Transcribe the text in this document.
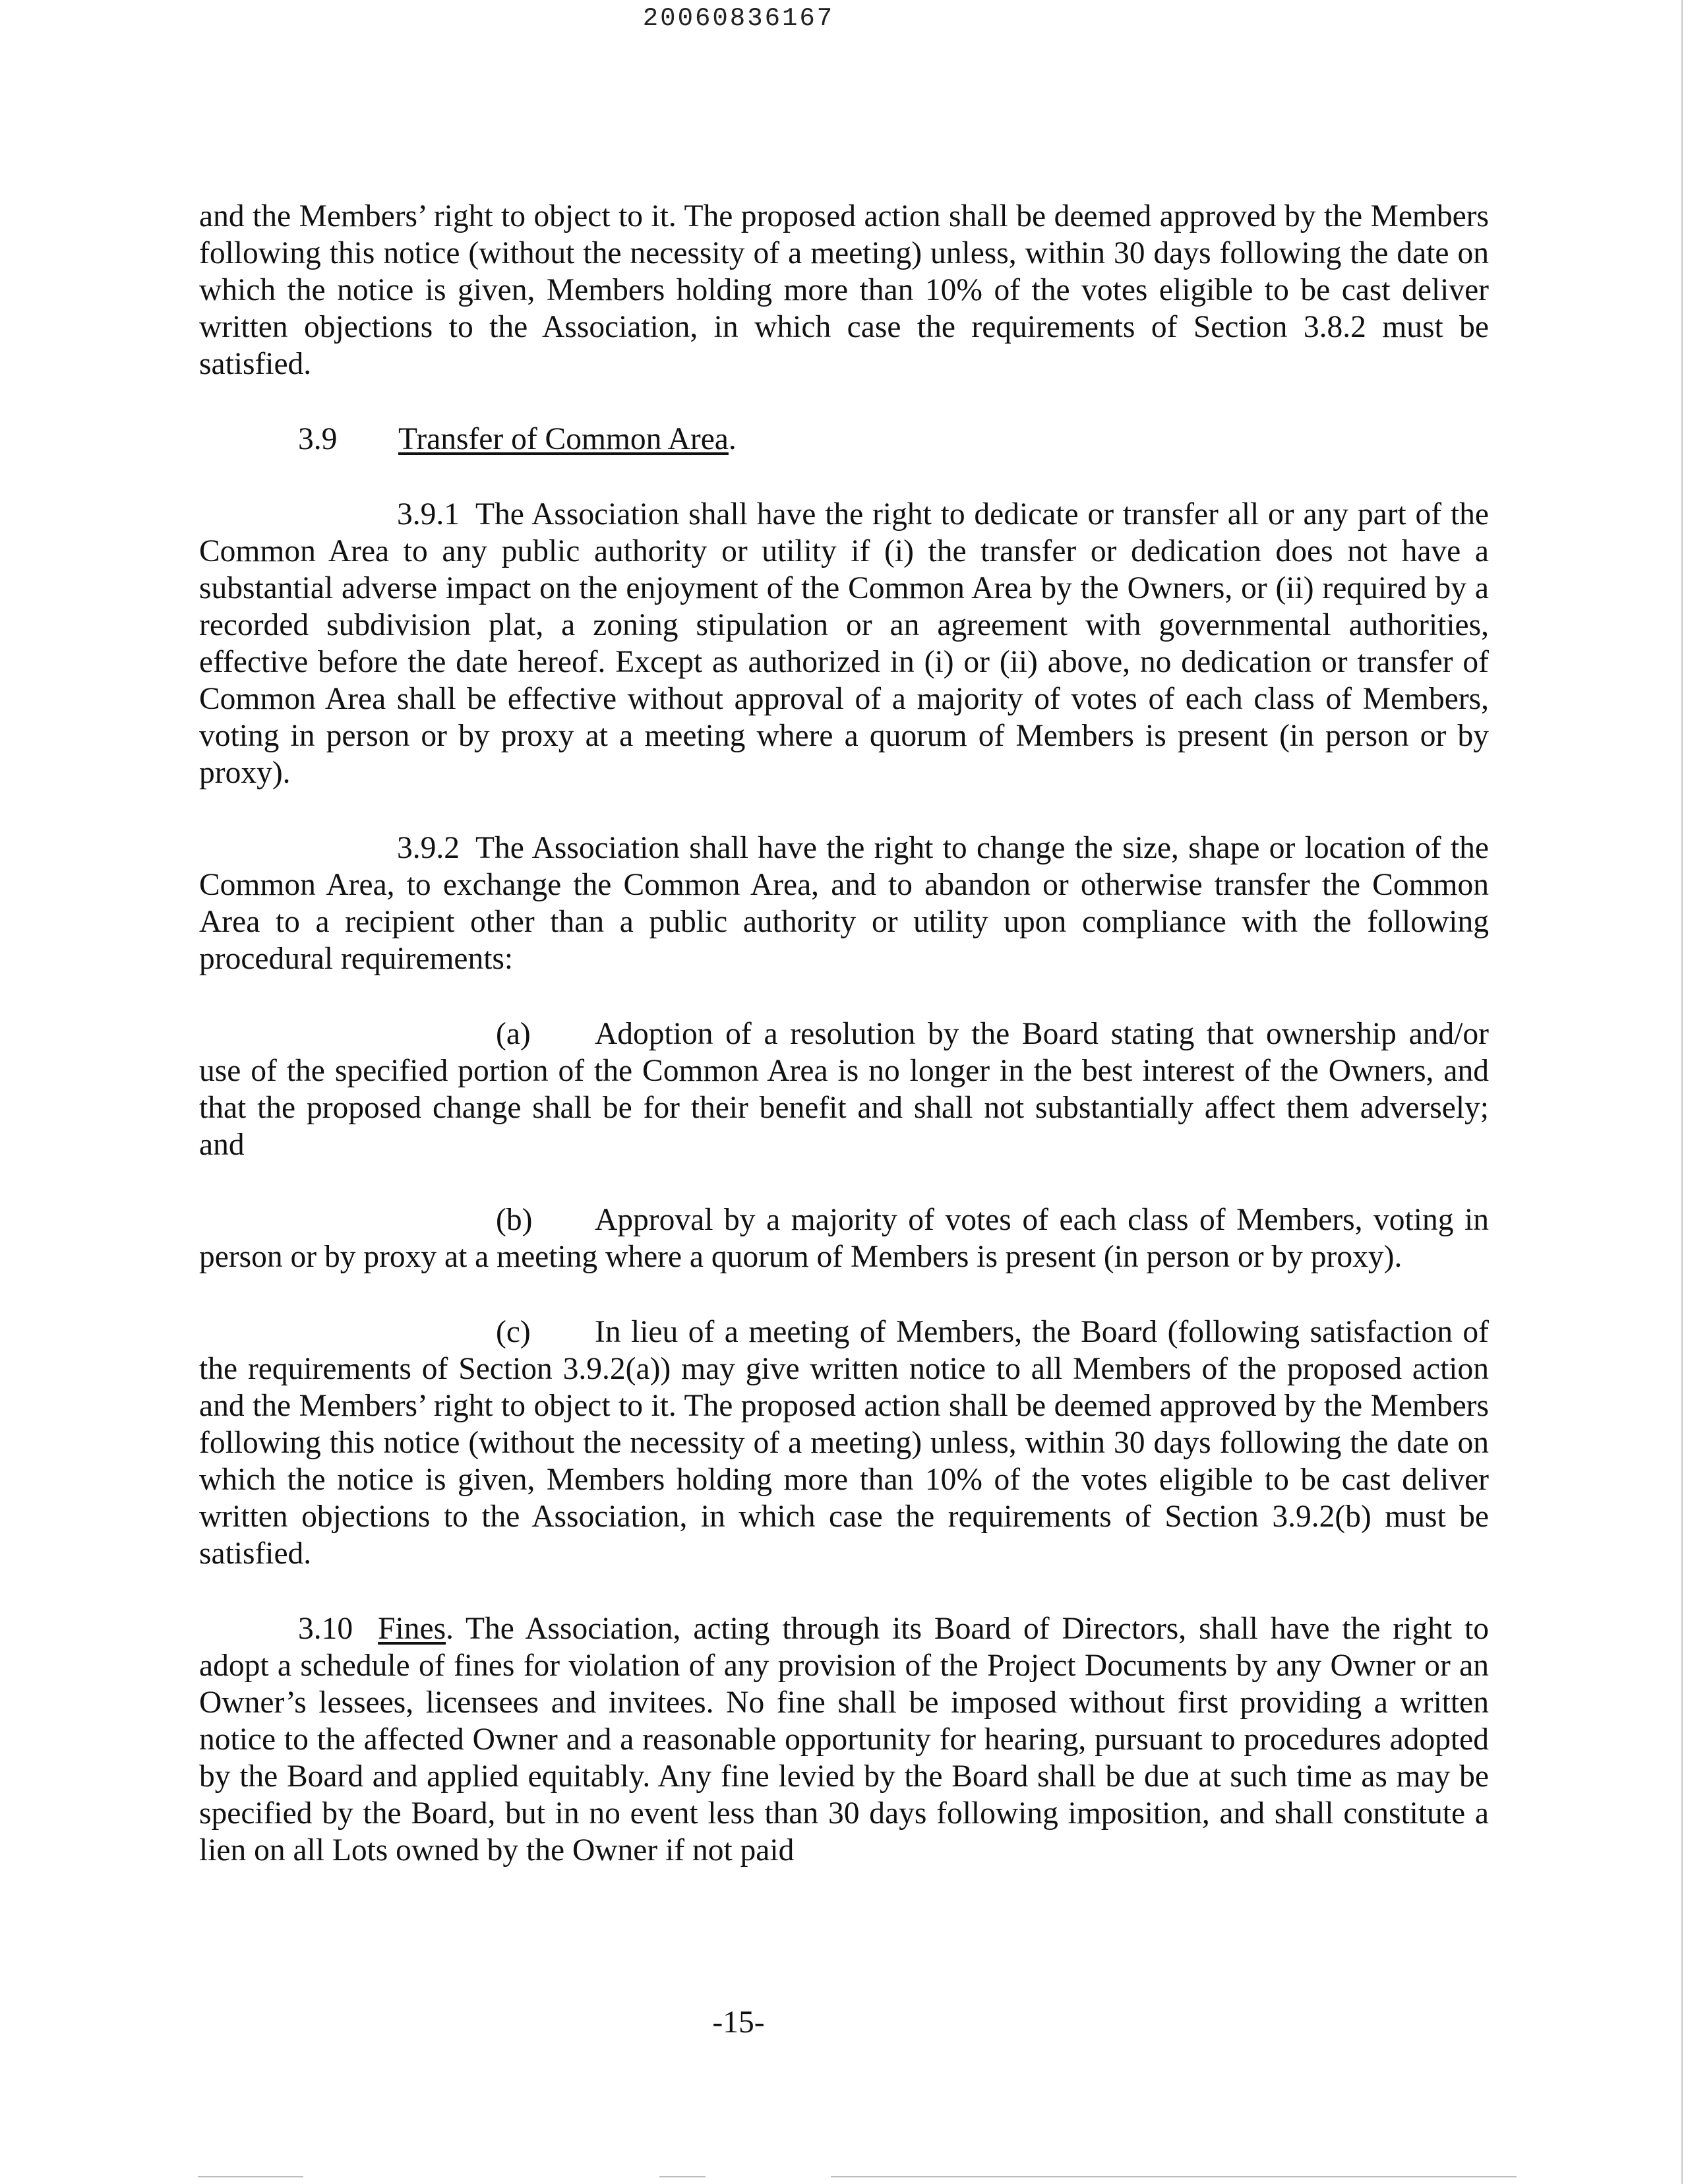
20060836167

and the Members’ right to object to it. The proposed action shall be deemed approved by the Members following this notice (without the necessity of a meeting) unless, within 30 days following the date on which the notice is given, Members holding more than 10% of the votes eligible to be cast deliver written objections to the Association, in which case the requirements of Section 3.8.2 must be satisfied.

3.9 Transfer of Common Area.

3.9.1 The Association shall have the right to dedicate or transfer all or any part of the Common Area to any public authority or utility if (i) the transfer or dedication does not have a substantial adverse impact on the enjoyment of the Common Area by the Owners, or (ii) required by a recorded subdivision plat, a zoning stipulation or an agreement with governmental authorities, effective before the date hereof. Except as authorized in (i) or (ii) above, no dedication or transfer of Common Area shall be effective without approval of a majority of votes of each class of Members, voting in person or by proxy at a meeting where a quorum of Members is present (in person or by proxy).

3.9.2 The Association shall have the right to change the size, shape or location of the Common Area, to exchange the Common Area, and to abandon or otherwise transfer the Common Area to a recipient other than a public authority or utility upon compliance with the following procedural requirements:

(a) Adoption of a resolution by the Board stating that ownership and/or use of the specified portion of the Common Area is no longer in the best interest of the Owners, and that the proposed change shall be for their benefit and shall not substantially affect them adversely; and

(b) Approval by a majority of votes of each class of Members, voting in person or by proxy at a meeting where a quorum of Members is present (in person or by proxy).

(c) In lieu of a meeting of Members, the Board (following satisfaction of the requirements of Section 3.9.2(a)) may give written notice to all Members of the proposed action and the Members’ right to object to it. The proposed action shall be deemed approved by the Members following this notice (without the necessity of a meeting) unless, within 30 days following the date on which the notice is given, Members holding more than 10% of the votes eligible to be cast deliver written objections to the Association, in which case the requirements of Section 3.9.2(b) must be satisfied.

3.10 Fines. The Association, acting through its Board of Directors, shall have the right to adopt a schedule of fines for violation of any provision of the Project Documents by any Owner or an Owner’s lessees, licensees and invitees. No fine shall be imposed without first providing a written notice to the affected Owner and a reasonable opportunity for hearing, pursuant to procedures adopted by the Board and applied equitably. Any fine levied by the Board shall be due at such time as may be specified by the Board, but in no event less than 30 days following imposition, and shall constitute a lien on all Lots owned by the Owner if not paid

-15-
